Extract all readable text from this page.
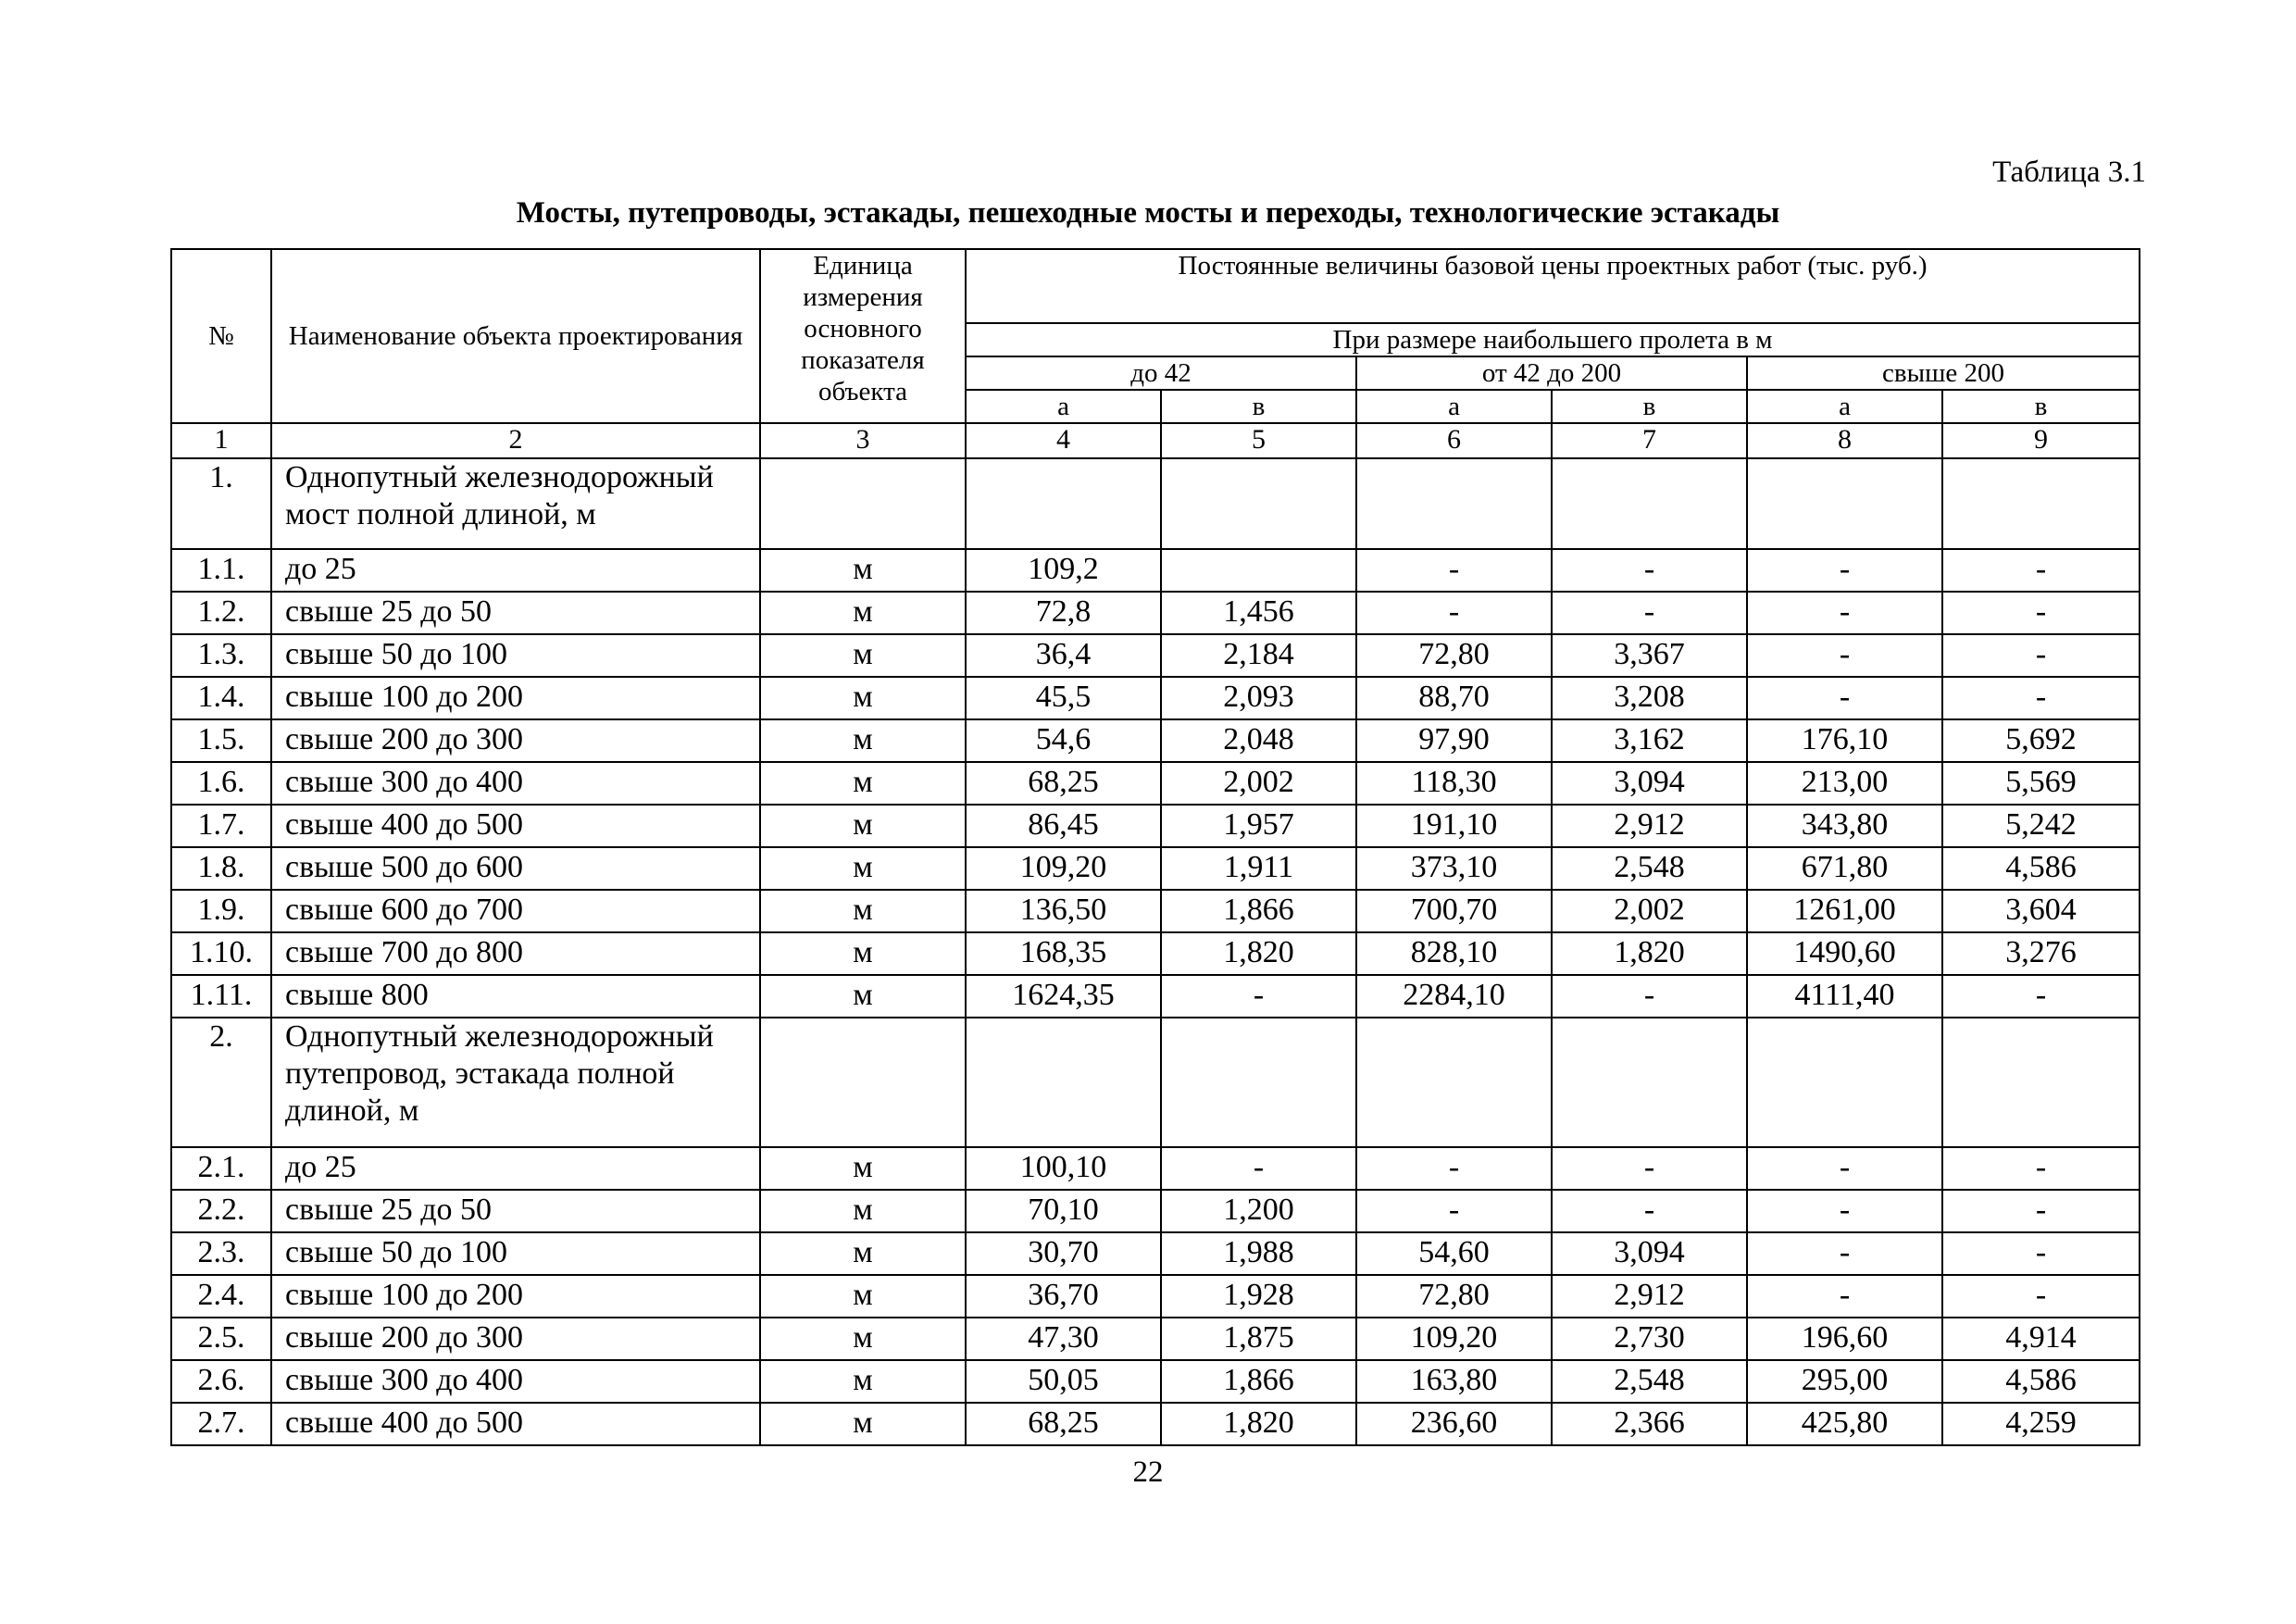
Таблица 3.1
Мосты, путепроводы, эстакады, пешеходные мосты и переходы, технологические эстакады
№	Наименование объекта проектирования	Единица измерения основного показателя объекта	Постоянные величины базовой цены проектных работ (тыс. руб.)					
			При размере наибольшего пролета в м					
			до 42		от 42 до 200		свыше 200	
			а	в	а	в	а	в
1	2	3	4	5	6	7	8	9
1.	Однопутный железнодорожный мост полной длиной, м							
1.1.	до 25	м	109,2		-	-	-	-
1.2.	свыше 25 до 50	м	72,8	1,456	-	-	-	-
1.3.	свыше 50 до 100	м	36,4	2,184	72,80	3,367	-	-
1.4.	свыше 100 до 200	м	45,5	2,093	88,70	3,208	-	-
1.5.	свыше 200 до 300	м	54,6	2,048	97,90	3,162	176,10	5,692
1.6.	свыше 300 до 400	м	68,25	2,002	118,30	3,094	213,00	5,569
1.7.	свыше 400 до 500	м	86,45	1,957	191,10	2,912	343,80	5,242
1.8.	свыше 500 до 600	м	109,20	1,911	373,10	2,548	671,80	4,586
1.9.	свыше 600 до 700	м	136,50	1,866	700,70	2,002	1261,00	3,604
1.10.	свыше 700 до 800	м	168,35	1,820	828,10	1,820	1490,60	3,276
1.11.	свыше 800	м	1624,35	-	2284,10	-	4111,40	-
2.	Однопутный железнодорожный путепровод, эстакада полной длиной, м							
2.1.	до 25	м	100,10	-	-	-	-	-
2.2.	свыше 25 до 50	м	70,10	1,200	-	-	-	-
2.3.	свыше 50 до 100	м	30,70	1,988	54,60	3,094	-	-
2.4.	свыше 100 до 200	м	36,70	1,928	72,80	2,912	-	-
2.5.	свыше 200 до 300	м	47,30	1,875	109,20	2,730	196,60	4,914
2.6.	свыше 300 до 400	м	50,05	1,866	163,80	2,548	295,00	4,586
2.7.	свыше 400 до 500	м	68,25	1,820	236,60	2,366	425,80	4,259
22
